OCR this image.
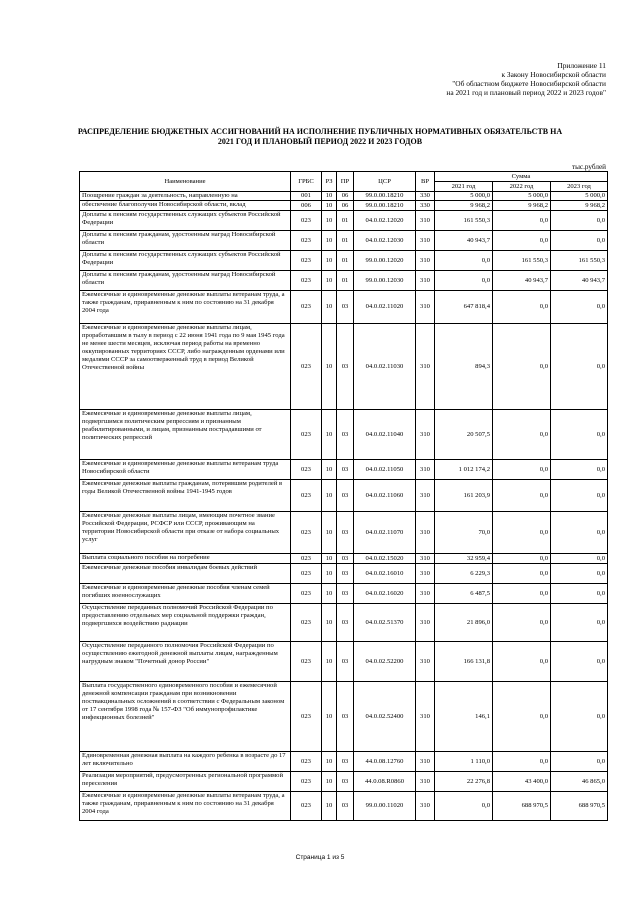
Приложение 11
к Закону Новосибирской области
"Об областном бюджете Новосибирской области
на 2021 год и плановый период 2022 и 2023 годов"
РАСПРЕДЕЛЕНИЕ БЮДЖЕТНЫХ АССИГНОВАНИЙ НА ИСПОЛНЕНИЕ ПУБЛИЧНЫХ НОРМАТИВНЫХ ОБЯЗАТЕЛЬСТВ НА 2021 ГОД И ПЛАНОВЫЙ ПЕРИОД 2022 И 2023 ГОДОВ
тыс.рублей
Наименование	ГРБС	РЗ	ПР	ЦСР	ВР	Сумма		
						2021 год	2022 год	2023 год
Поощрение граждан за деятельность, направленную на	001	10	06	99.0.00.18210	330	5 000,0	5 000,0	5 000,0
обеспечение благополучия Новосибирской области, вклад	006	10	06	99.0.00.18210	330	9 968,2	9 968,2	9 968,2
Доплаты к пенсиям государственных служащих субъектов Российской Федерации	023	10	01	04.0.02.12020	310	161 550,3	0,0	0,0
Доплаты к пенсиям гражданам, удостоенным наград Новосибирской области	023	10	01	04.0.02.12030	310	40 943,7	0,0	0,0
Доплаты к пенсиям государственных служащих субъектов Российской Федерации	023	10	01	99.0.00.12020	310	0,0	161 550,3	161 550,3
Доплаты к пенсиям гражданам, удостоенным наград Новосибирской области	023	10	01	99.0.00.12030	310	0,0	40 943,7	40 943,7
Ежемесячные и единовременные денежные выплаты ветеранам труда, а также гражданам, приравненным к ним по состоянию на 31 декабря 2004 года	023	10	03	04.0.02.11020	310	647 818,4	0,0	0,0
Ежемесячные и единовременные денежные выплаты лицам, проработавшим в тылу в период с 22 июня 1941 года по 9 мая 1945 года не менее шести месяцев, исключая период работы на временно оккупированных территориях СССР, либо награжденным орденами или медалями СССР за самоотверженный труд в период Великой Отечественной войны	023	10	03	04.0.02.11030	310	894,3	0,0	0,0
Ежемесячные и единовременные денежные выплаты лицам, подвергшимся политическим репрессиям и признанным реабилитированными, и лицам, признанным пострадавшими от политических репрессий	023	10	03	04.0.02.11040	310	20 507,5	0,0	0,0
Ежемесячные и единовременные денежные выплаты ветеранам труда Новосибирской области	023	10	03	04.0.02.11050	310	1 012 174,2	0,0	0,0
Ежемесячные денежные выплаты гражданам, потерявшим родителей в годы Великой Отечественной войны 1941-1945 годов	023	10	03	04.0.02.11060	310	161 203,9	0,0	0,0
Ежемесячные денежные выплаты лицам, имеющим почетное звание Российской Федерации, РСФСР или СССР, проживающим на территории Новосибирской области при отказе от набора социальных услуг	023	10	03	04.0.02.11070	310	70,0	0,0	0,0
Выплата социального пособия на погребение	023	10	03	04.0.02.15020	310	32 959,4	0,0	0,0
Ежемесячные денежные пособия инвалидам боевых действий	023	10	03	04.0.02.16010	310	6 229,3	0,0	0,0
Ежемесячные и единовременные денежные пособия членам семей погибших военнослужащих	023	10	03	04.0.02.16020	310	6 487,5	0,0	0,0
Осуществление переданных полномочий Российской Федерации по предоставлению отдельных мер социальной поддержки граждан, подвергшихся воздействию радиации	023	10	03	04.0.02.51370	310	21 896,0	0,0	0,0
Осуществление переданного полномочия Российской Федерации по осуществлению ежегодной денежной выплаты лицам, награжденным нагрудным знаком "Почетный донор России"	023	10	03	04.0.02.52200	310	166 131,8	0,0	0,0
Выплата государственного единовременного пособия и ежемесячной денежной компенсации гражданам при возникновении поствакцинальных осложнений в соответствии с Федеральным законом от 17 сентября 1998 года № 157-ФЗ "Об иммунопрофилактике инфекционных болезней"	023	10	03	04.0.02.52400	310	146,1	0,0	0,0
Единовременная денежная выплата на каждого ребенка в возрасте до 17 лет включительно	023	10	03	44.0.08.12760	310	1 110,0	0,0	0,0
Реализация мероприятий, предусмотренных региональной программой переселения	023	10	03	44.0.08.R0860	310	22 276,8	43 400,0	46 865,0
Ежемесячные и единовременные денежные выплаты ветеранам труда, а также гражданам, приравненным к ним по состоянию на 31 декабря 2004 года	023	10	03	99.0.00.11020	310	0,0	688 970,5	688 970,5
Страница 1 из 5
